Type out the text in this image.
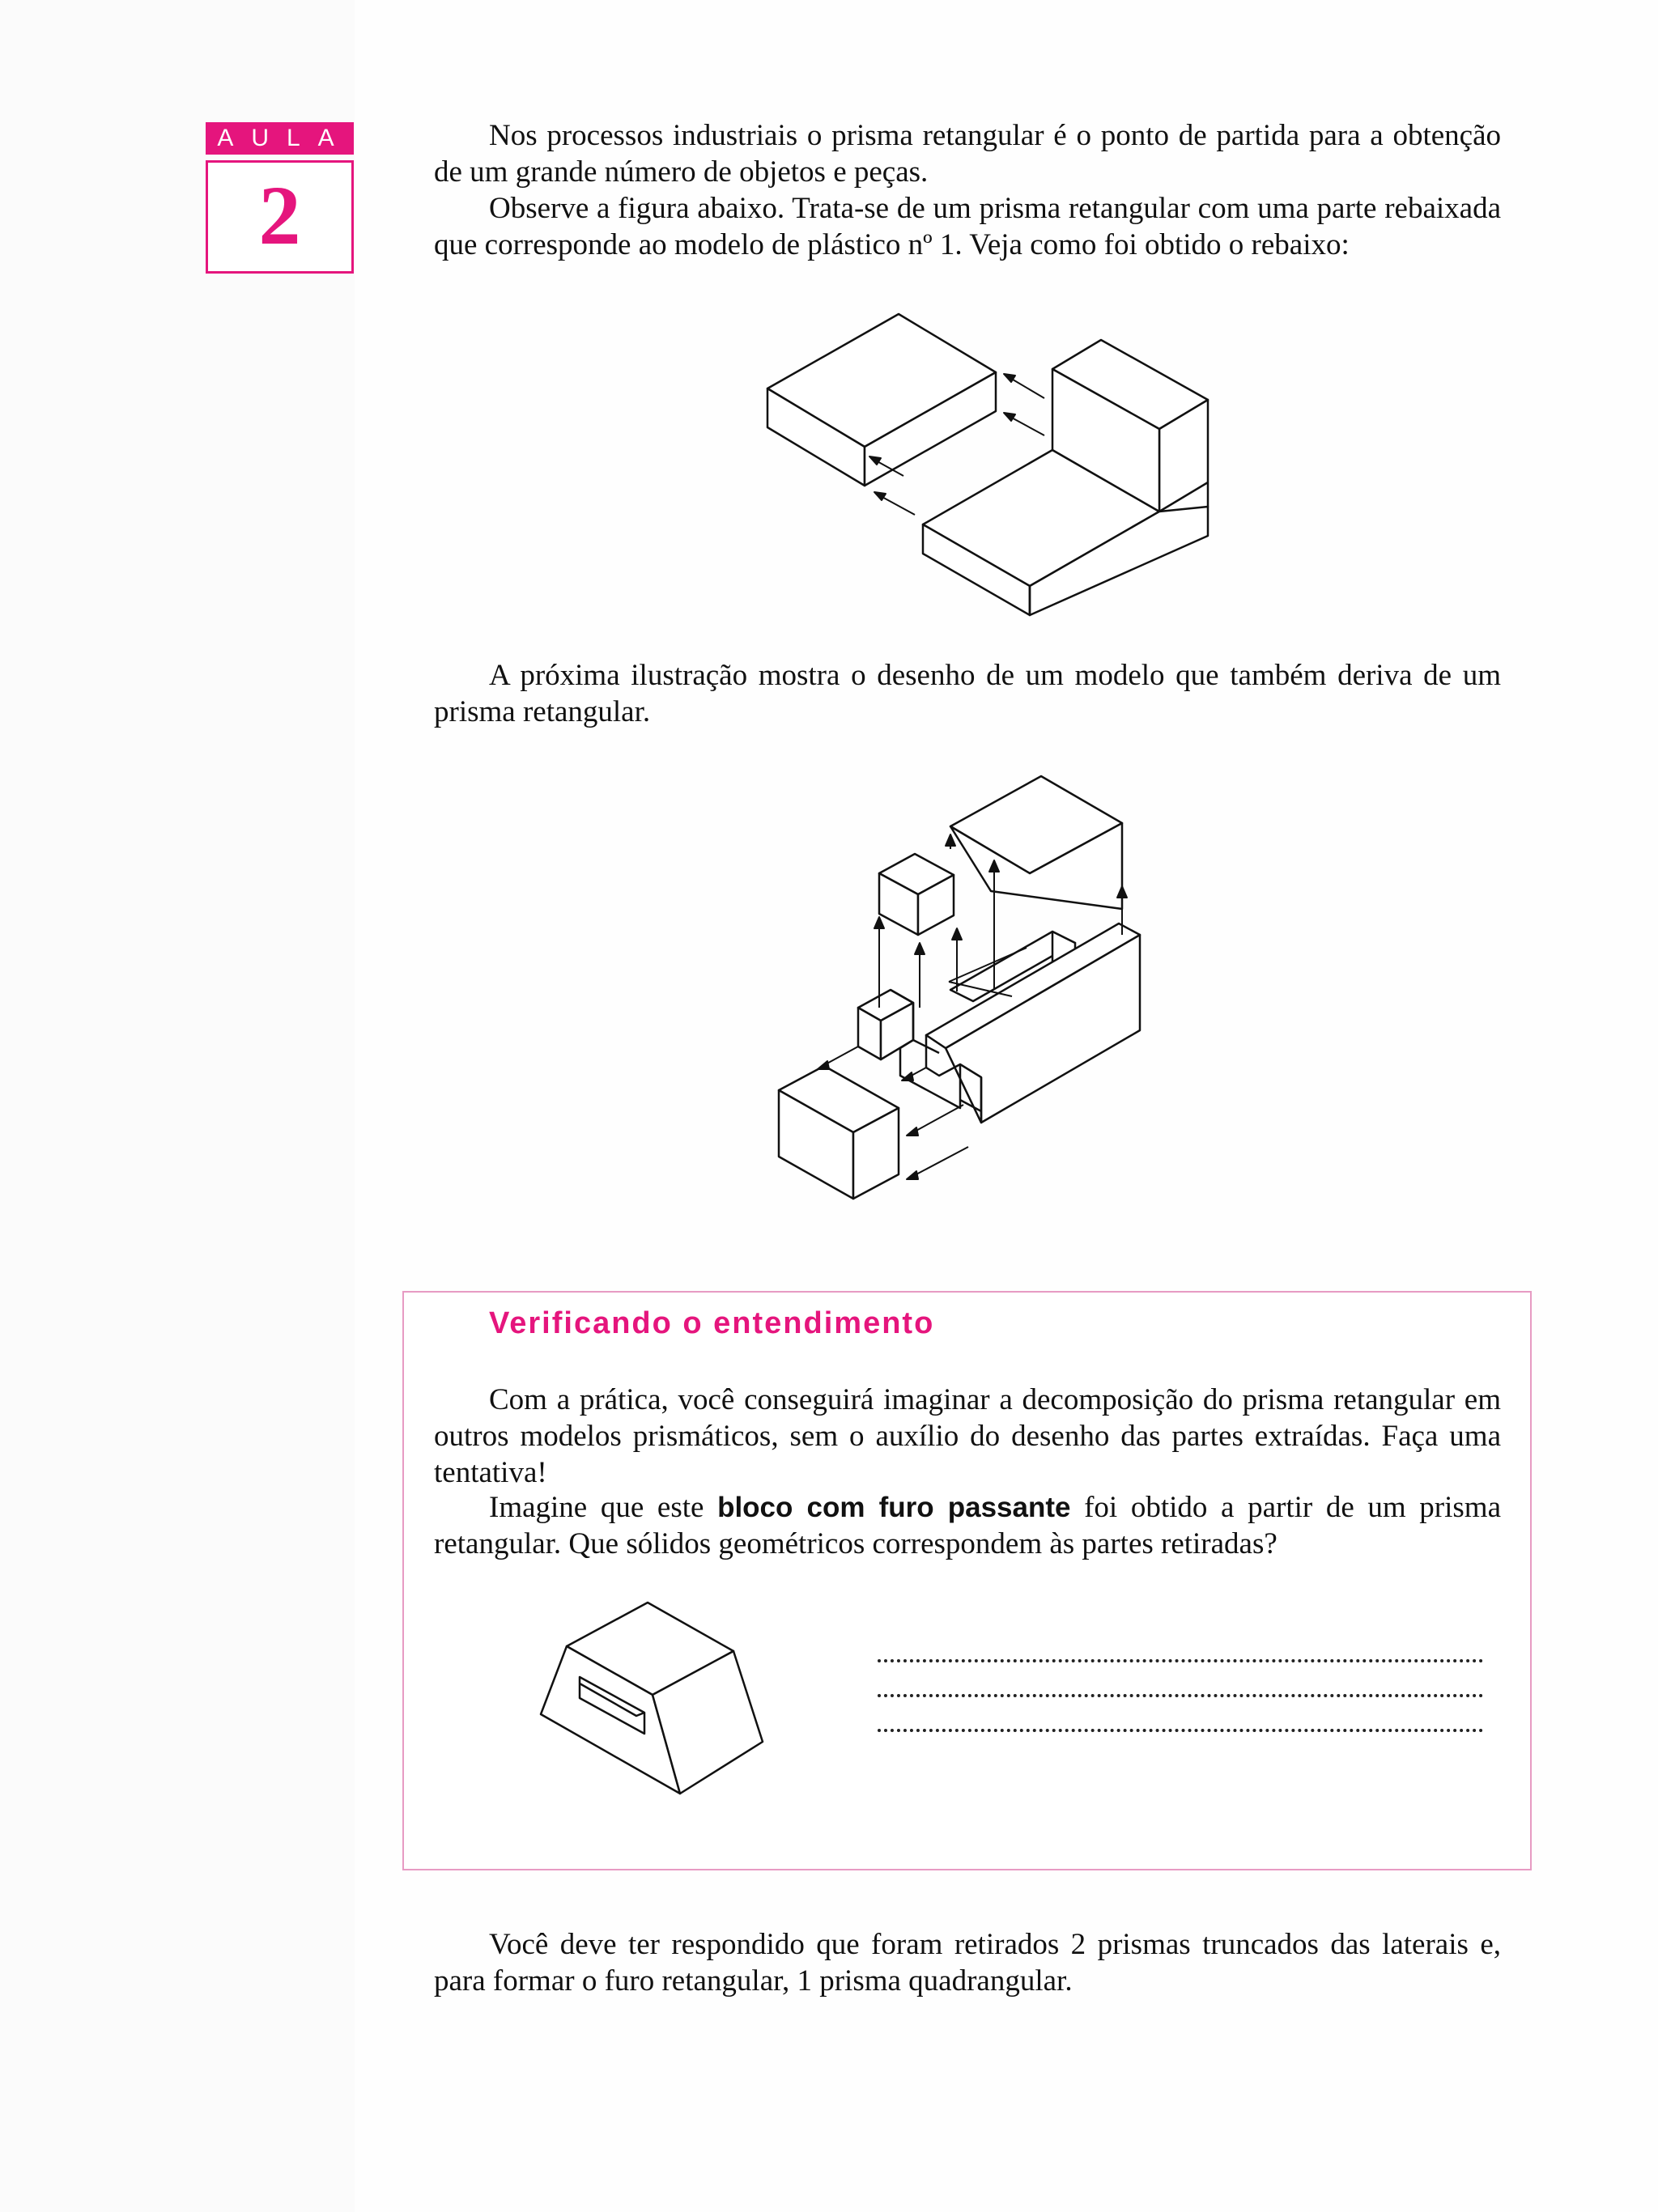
AULA
2

Nos processos industriais o prisma retangular é o ponto de partida para a obtenção de um grande número de objetos e peças.

Observe a figura abaixo. Trata-se de um prisma retangular com uma parte rebaixada que corresponde ao modelo de plástico nº 1. Veja como foi obtido o rebaixo:

A próxima ilustração mostra o desenho de um modelo que também deriva de um prisma retangular.

Verificando o entendimento

Com a prática, você conseguirá imaginar a decomposição do prisma retangular em outros modelos prismáticos, sem o auxílio do desenho das partes extraídas. Faça uma tentativa!

Imagine que este bloco com furo passante foi obtido a partir de um prisma retangular. Que sólidos geométricos correspondem às partes retiradas?

Você deve ter respondido que foram retirados 2 prismas truncados das laterais e, para formar o furo retangular, 1 prisma quadrangular.
